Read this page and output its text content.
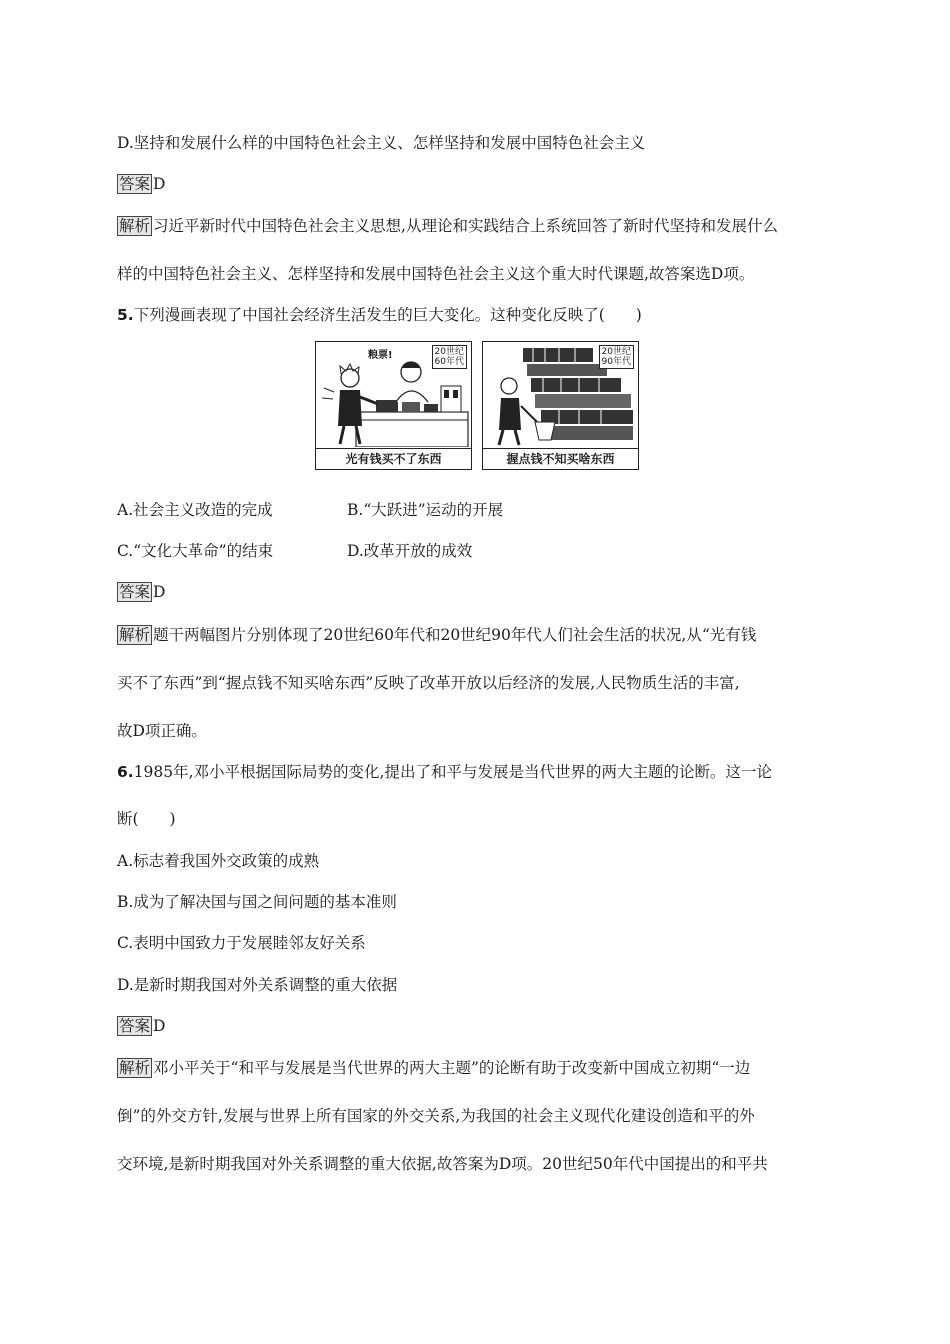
D.坚持和发展什么样的中国特色社会主义、怎样坚持和发展中国特色社会主义
答案 D
解析 习近平新时代中国特色社会主义思想,从理论和实践结合上系统回答了新时代坚持和发展什么
样的中国特色社会主义、怎样坚持和发展中国特色社会主义这个重大时代课题,故答案选D项。
5.下列漫画表现了中国社会经济生活发生的巨大变化。这种变化反映了(　　)
粮票!	20世纪
60年代
光有钱买不了东西
20世纪
90年代
握点钱不知买啥东西
A.社会主义改造的完成	B.“大跃进”运动的开展
C.“文化大革命”的结束	D.改革开放的成效
答案 D
解析 题干两幅图片分别体现了20世纪60年代和20世纪90年代人们社会生活的状况,从“光有钱
买不了东西”到“握点钱不知买啥东西”反映了改革开放以后经济的发展,人民物质生活的丰富,
故D项正确。
6.1985年,邓小平根据国际局势的变化,提出了和平与发展是当代世界的两大主题的论断。这一论
断(　　)
A.标志着我国外交政策的成熟
B.成为了解决国与国之间问题的基本准则
C.表明中国致力于发展睦邻友好关系
D.是新时期我国对外关系调整的重大依据
答案 D
解析 邓小平关于“和平与发展是当代世界的两大主题”的论断有助于改变新中国成立初期“一边
倒”的外交方针,发展与世界上所有国家的外交关系,为我国的社会主义现代化建设创造和平的外
交环境,是新时期我国对外关系调整的重大依据,故答案为D项。20世纪50年代中国提出的和平共
